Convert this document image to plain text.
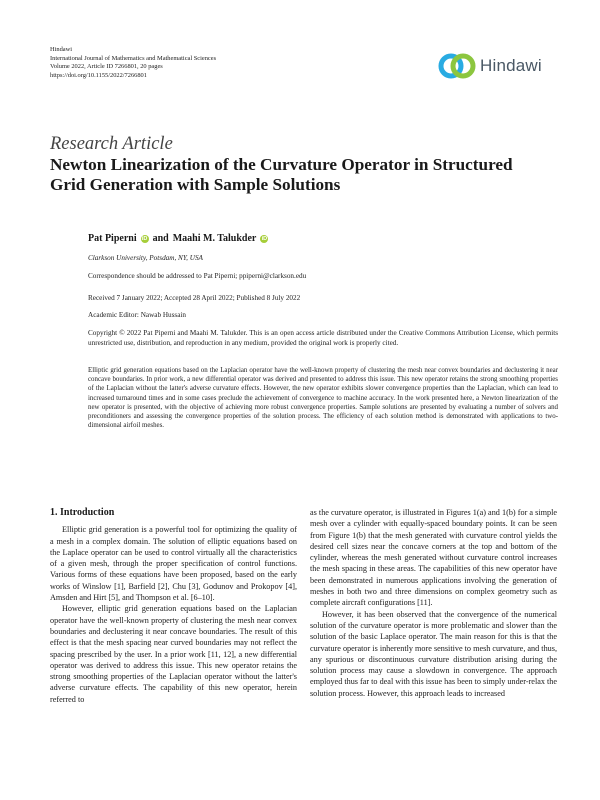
Hindawi
International Journal of Mathematics and Mathematical Sciences
Volume 2022, Article ID 7266801, 20 pages
https://doi.org/10.1155/2022/7266801
Hindawi
Research Article
Newton Linearization of the Curvature Operator in Structured Grid Generation with Sample Solutions
Pat Piperni iD and Maahi M. Talukder iD
Clarkson University, Potsdam, NY, USA
Correspondence should be addressed to Pat Piperni; ppiperni@clarkson.edu
Received 7 January 2022; Accepted 28 April 2022; Published 8 July 2022
Academic Editor: Nawab Hussain
Copyright © 2022 Pat Piperni and Maahi M. Talukder. This is an open access article distributed under the Creative Commons Attribution License, which permits unrestricted use, distribution, and reproduction in any medium, provided the original work is properly cited.
Elliptic grid generation equations based on the Laplacian operator have the well-known property of clustering the mesh near convex boundaries and declustering it near concave boundaries. In prior work, a new differential operator was derived and presented to address this issue. This new operator retains the strong smoothing properties of the Laplacian without the latter's adverse curvature effects. However, the new operator exhibits slower convergence properties than the Laplacian, which can lead to increased turnaround times and in some cases preclude the achievement of convergence to machine accuracy. In the work presented here, a Newton linearization of the new operator is presented, with the objective of achieving more robust convergence properties. Sample solutions are presented by evaluating a number of solvers and preconditioners and assessing the convergence properties of the solution process. The efficiency of each solution method is demonstrated with applications to two-dimensional airfoil meshes.
1. Introduction

Elliptic grid generation is a powerful tool for optimizing the quality of a mesh in a complex domain. The solution of elliptic equations based on the Laplace operator can be used to control virtually all the characteristics of a given mesh, through the proper specification of control functions. Various forms of these equations have been proposed, based on the early works of Winslow [1], Barfield [2], Chu [3], Godunov and Prokopov [4], Amsden and Hirt [5], and Thompson et al. [6–10].

However, elliptic grid generation equations based on the Laplacian operator have the well-known property of clustering the mesh near convex boundaries and declustering it near concave boundaries. The result of this effect is that the mesh spacing near curved boundaries may not reflect the spacing prescribed by the user. In a prior work [11, 12], a new differential operator was derived to address this issue. This new operator retains the strong smoothing properties of the Laplacian operator without the latter's adverse curvature effects. The capability of this new operator, herein referred to

as the curvature operator, is illustrated in Figures 1(a) and 1(b) for a simple mesh over a cylinder with equally-spaced boundary points. It can be seen from Figure 1(b) that the mesh generated with curvature control yields the desired cell sizes near the concave corners at the top and bottom of the cylinder, whereas the mesh generated without curvature control increases the mesh spacing in these areas. The capabilities of this new operator have been demonstrated in numerous applications involving the generation of meshes in both two and three dimensions on complex geometry such as complete aircraft configurations [11].

However, it has been observed that the convergence of the numerical solution of the curvature operator is more problematic and slower than the solution of the basic Laplace operator. The main reason for this is that the curvature operator is inherently more sensitive to mesh curvature, and thus, any spurious or discontinuous curvature distribution arising during the solution process may cause a slowdown in convergence. The approach employed thus far to deal with this issue has been to simply under-relax the solution process. However, this approach leads to increased
